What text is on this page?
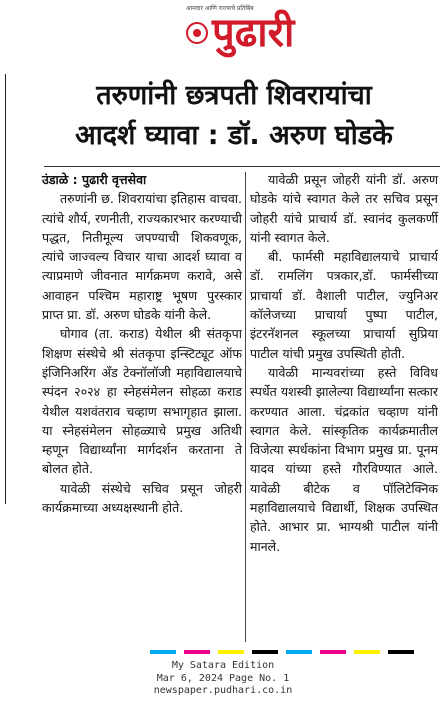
आमदार आणि राज्याचे प्रतिबिंब
पुढारी
तरुणांनी छत्रपती शिवरायांचा
आदर्श घ्यावा : डॉ. अरुण घोडके

उंडाळे : पुढारी वृत्तसेवा

तरुणांनी छ. शिवरायांचा इतिहास वाचवा. त्यांचे शौर्य, रणनीती, राज्यकारभार करण्याची पद्धत, नितीमूल्य जपण्याची शिकवणूक, त्यांचे जाज्वल्य विचार याचा आदर्श घ्यावा व त्याप्रमाणे जीवनात मार्गक्रमण करावे, असे आवाहन पश्चिम महाराष्ट्र भूषण पुरस्कार प्राप्त प्रा. डॉ. अरुण घोडके यांनी केले.

घोगाव (ता. कराड) येथील श्री संतकृपा शिक्षण संस्थेचे श्री संतकृपा इन्स्टिट्यूट ऑफ इंजिनिअरिंग अँड टेक्नॉलॉजी महाविद्यालयाचे स्पंदन २०२४ हा स्नेहसंमेलन सोहळा कराड येथील यशवंतराव चव्हाण सभागृहात झाला. या स्नेहसंमेलन सोहळ्याचे प्रमुख अतिथी म्हणून विद्यार्थ्यांना मार्गदर्शन करताना ते बोलत होते.

यावेळी संस्थेचे सचिव प्रसून जोहरी कार्यक्रमाच्या अध्यक्षस्थानी होते.

यावेळी प्रसून जोहरी यांनी डॉ. अरुण घोडके यांचे स्वागत केले तर सचिव प्रसून जोहरी यांचे प्राचार्य डॉ. स्वानंद कुलकर्णी यांनी स्वागत केले.

बी. फार्मसी महाविद्यालयाचे प्राचार्य डॉ. रामलिंग पत्रकार,डॉ. फार्मसीच्या प्राचार्या डॉ. वैशाली पाटील, ज्युनिअर कॉलेजच्या प्राचार्या पुष्पा पाटील, इंटरनॅशनल स्कूलच्या प्राचार्या सुप्रिया पाटील यांची प्रमुख उपस्थिती होती.

यावेळी मान्यवरांच्या हस्ते विविध स्पर्धेत यशस्वी झालेल्या विद्यार्थ्यांना सत्कार करण्यात आला. चंद्रकांत चव्हाण यांनी स्वागत केले. सांस्कृतिक कार्यक्रमातील विजेत्या स्पर्धकांना विभाग प्रमुख प्रा. पूनम यादव यांच्या हस्ते गौरविण्यात आले. यावेळी बीटेक व पॉलिटेक्निक महाविद्यालयाचे विद्यार्थी, शिक्षक उपस्थित होते. आभार प्रा. भाग्यश्री पाटील यांनी मानले.

My Satara Edition
Mar 6, 2024 Page No. 1
newspaper.pudhari.co.in
